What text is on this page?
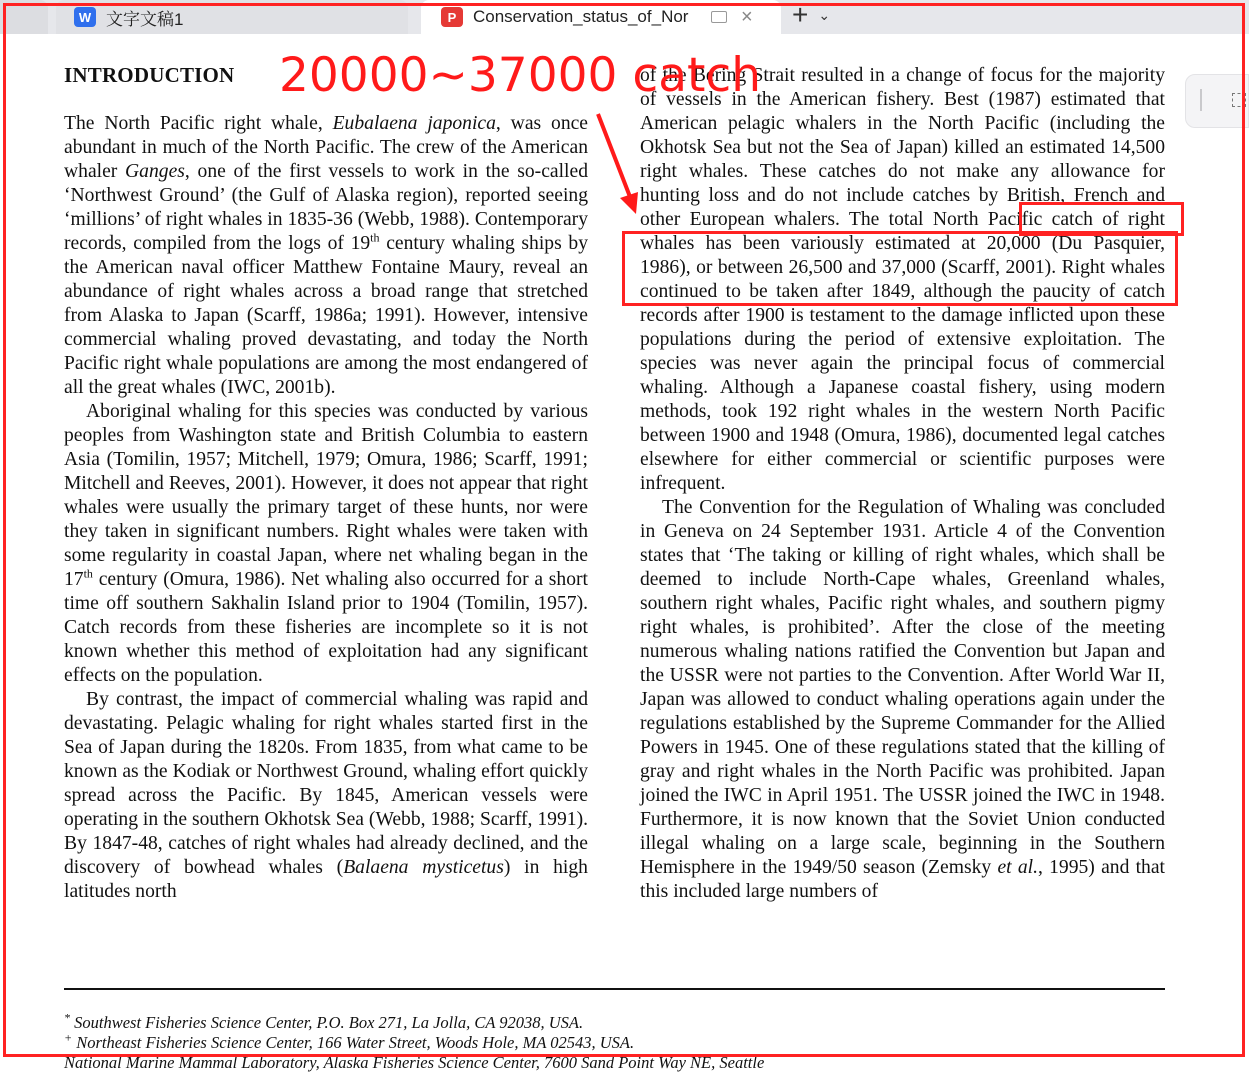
W 文字文稿1	P Conservation_status_of_Nor	× + ⌄
INTRODUCTION

The North Pacific right whale, Eubalaena japonica, was once abundant in much of the North Pacific. The crew of the American whaler Ganges, one of the first vessels to work in the so-called ‘Northwest Ground’ (the Gulf of Alaska region), reported seeing ‘millions’ of right whales in 1835-36 (Webb, 1988). Contemporary records, compiled from the logs of 19th century whaling ships by the American naval officer Matthew Fontaine Maury, reveal an abundance of right whales across a broad range that stretched from Alaska to Japan (Scarff, 1986a; 1991). However, intensive commercial whaling proved devastating, and today the North Pacific right whale populations are among the most endangered of all the great whales (IWC, 2001b).

Aboriginal whaling for this species was conducted by various peoples from Washington state and British Columbia to eastern Asia (Tomilin, 1957; Mitchell, 1979; Omura, 1986; Scarff, 1991; Mitchell and Reeves, 2001). However, it does not appear that right whales were usually the primary target of these hunts, nor were they taken in significant numbers. Right whales were taken with some regularity in coastal Japan, where net whaling began in the 17th century (Omura, 1986). Net whaling also occurred for a short time off southern Sakhalin Island prior to 1904 (Tomilin, 1957). Catch records from these fisheries are incomplete so it is not known whether this method of exploitation had any significant effects on the population.

By contrast, the impact of commercial whaling was rapid and devastating. Pelagic whaling for right whales started first in the Sea of Japan during the 1820s. From 1835, from what came to be known as the Kodiak or Northwest Ground, whaling effort quickly spread across the Pacific. By 1845, American vessels were operating in the southern Okhotsk Sea (Webb, 1988; Scarff, 1991). By 1847-48, catches of right whales had already declined, and the discovery of bowhead whales (Balaena mysticetus) in high latitudes north

of the Bering Strait resulted in a change of focus for the majority of vessels in the American fishery. Best (1987) estimated that American pelagic whalers in the North Pacific (including the Okhotsk Sea but not the Sea of Japan) killed an estimated 14,500 right whales. These catches do not make any allowance for hunting loss and do not include catches by British, French and other European whalers. The total North Pacific catch of right whales has been variously estimated at 20,000 (Du Pasquier, 1986), or between 26,500 and 37,000 (Scarff, 2001). Right whales continued to be taken after 1849, although the paucity of catch records after 1900 is testament to the damage inflicted upon these populations during the period of extensive exploitation. The species was never again the principal focus of commercial whaling. Although a Japanese coastal fishery, using modern methods, took 192 right whales in the western North Pacific between 1900 and 1948 (Omura, 1986), documented legal catches elsewhere for either commercial or scientific purposes were infrequent.

The Convention for the Regulation of Whaling was concluded in Geneva on 24 September 1931. Article 4 of the Convention states that ‘The taking or killing of right whales, which shall be deemed to include North-Cape whales, Greenland whales, southern right whales, Pacific right whales, and southern pigmy right whales, is prohibited’. After the close of the meeting numerous whaling nations ratified the Convention but Japan and the USSR were not parties to the Convention. After World War II, Japan was allowed to conduct whaling operations again under the regulations established by the Supreme Commander for the Allied Powers in 1945. One of these regulations stated that the killing of gray and right whales in the North Pacific was prohibited. Japan joined the IWC in April 1951. The USSR joined the IWC in 1948. Furthermore, it is now known that the Soviet Union conducted illegal whaling on a large scale, beginning in the Southern Hemisphere in the 1949/50 season (Zemsky et al., 1995) and that this included large numbers of

* Southwest Fisheries Science Center, P.O. Box 271, La Jolla, CA 92038, USA.
+ Northeast Fisheries Science Center, 166 Water Street, Woods Hole, MA 02543, USA.
National Marine Mammal Laboratory, Alaska Fisheries Science Center, 7600 Sand Point Way NE, Seattle
20000~37000 catch
